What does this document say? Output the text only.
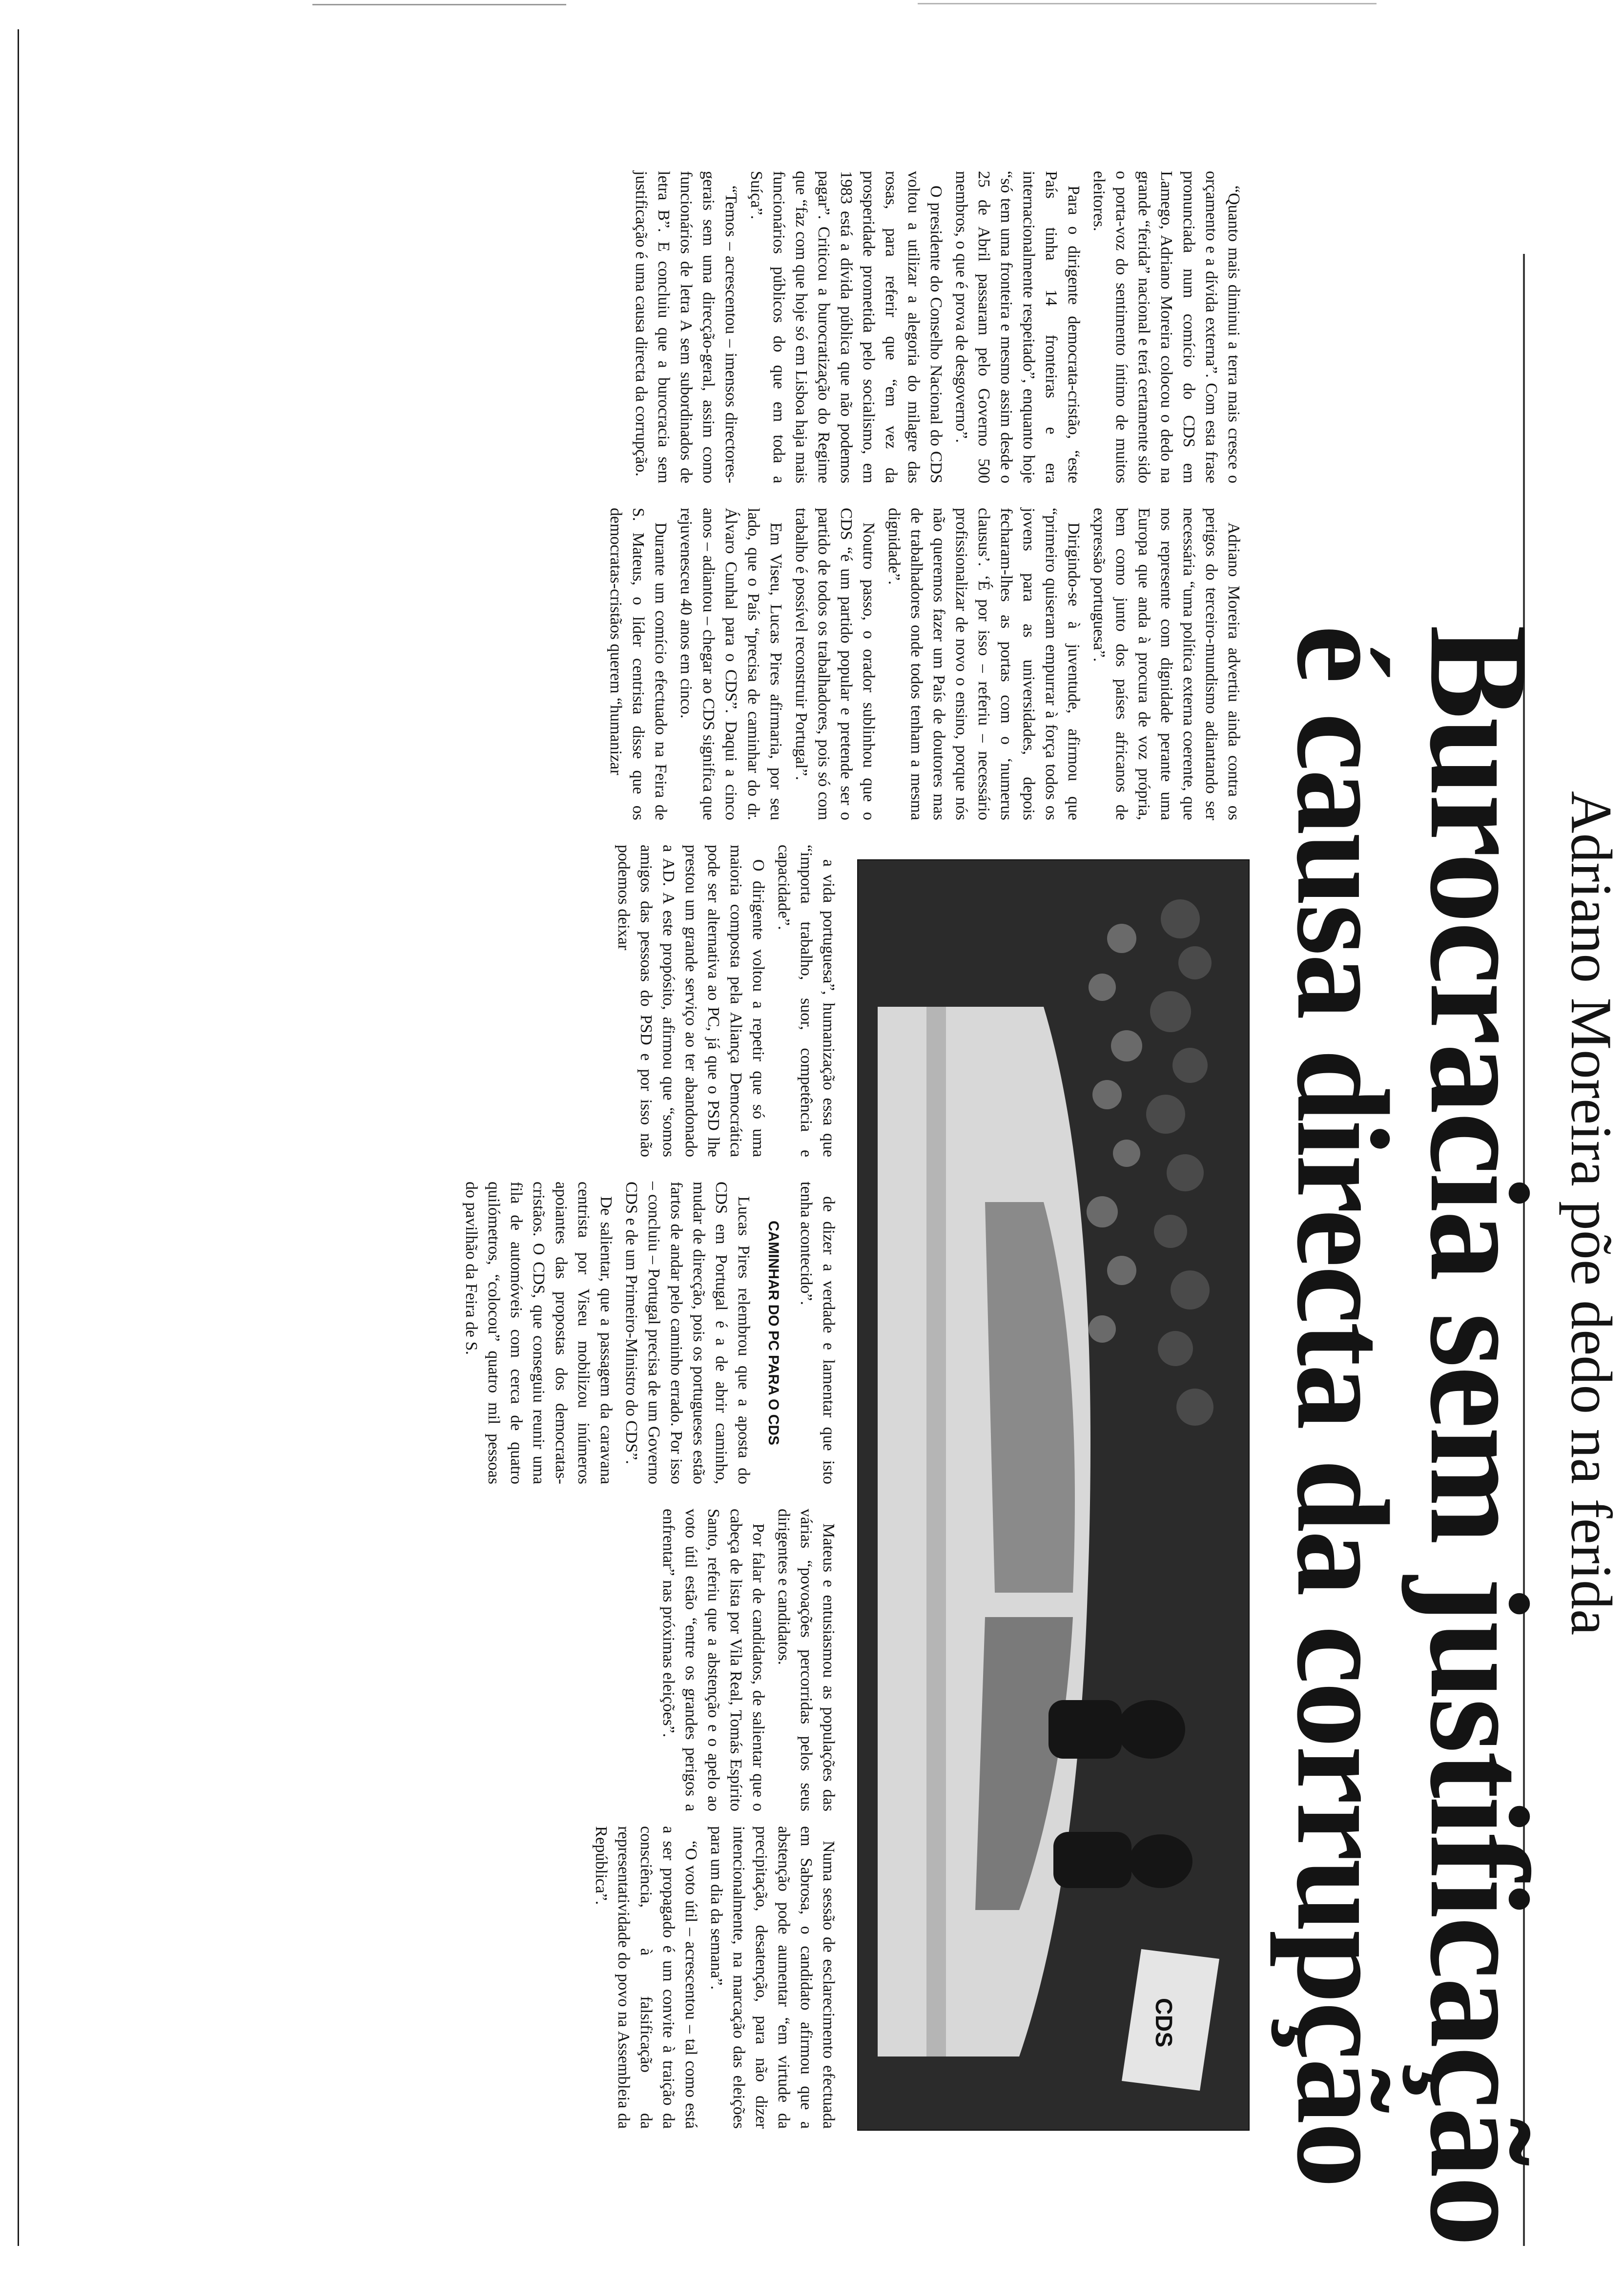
Adriano Moreira põe dedo na ferida
Burocracia sem justificação
é causa directa da corrupção
CDS

“Quanto mais diminui a terra mais cresce o orçamento e a dívida externa”. Com esta frase pronunciada num comício do CDS em Lamego, Adriano Moreira colocou o dedo na grande “ferida” nacional e terá certamente sido o porta-voz do sentimento íntimo de muitos eleitores.

Para o dirigente democrata-cristão, “este País tinha 14 fronteiras e era internacionalmente respeitado”, enquanto hoje “só tem uma fronteira e mesmo assim desde o 25 de Abril passaram pelo Governo 500 membros, o que é prova de desgoverno”.

O presidente do Conselho Nacional do CDS voltou a utilizar a alegoria do milagre das rosas, para referir que “em vez da prosperidade prometida pelo socialismo, em 1983 está a dívida pública que não podemos pagar”. Criticou a burocratização do Regime que “faz com que hoje só em Lisboa haja mais funcionários públicos do que em toda a Suíça”.

“Temos – acrescentou – imensos directores-gerais sem uma direcção-geral, assim como funcionários de letra A sem subordinados de letra B”. E concluiu que a burocracia sem justificação é uma causa directa da corrupção.

Adriano Moreira advertiu ainda contra os perigos do terceiro-mundismo adiantando ser necessária “uma política externa coerente, que nos represente com dignidade perante uma Europa que anda à procura de voz própria, bem como junto dos países africanos de expressão portuguesa”.

Dirigindo-se à juventude, afirmou que “primeiro quiseram empurrar à força todos os jovens para as universidades, depois fecharam-lhes as portas com o ‘numerus clausus’. ‘É por isso – referiu – necessário profissionalizar de novo o ensino, porque nós não queremos fazer um País de doutores mas de trabalhadores onde todos tenham a mesma dignidade”.

Noutro passo, o orador sublinhou que o CDS “é um partido popular e pretende ser o partido de todos os trabalhadores, pois só com trabalho é possível reconstruir Portugal”.

Em Viseu, Lucas Pires afirmaria, por seu lado, que o País “precisa de caminhar do dr. Álvaro Cunhal para o CDS”. Daqui a cinco anos – adiantou – chegar ao CDS significa que rejuvenesceu 40 anos em cinco.

Durante um comício efectuado na Feira de S. Mateus, o líder centrista disse que os democratas-cristãos querem “humanizar

a vida portuguesa”, humanização essa que “importa trabalho, suor, competência e capacidade”.

O dirigente voltou a repetir que só uma maioria composta pela Aliança Democrática pode ser alternativa ao PC, já que o PSD lhe prestou um grande serviço ao ter abandonado a AD. A este propósito, afirmou que “somos amigos das pessoas do PSD e por isso não podemos deixar

de dizer a verdade e lamentar que isto tenha acontecido”.

CAMINHAR DO PC PARA O CDS

Lucas Pires relembrou que a aposta do CDS em Portugal é a de abrir caminho, mudar de direcção, pois os portugueses estão fartos de andar pelo caminho errado. Por isso – concluiu – Portugal precisa de um Governo CDS e de um Primeiro-Ministro do CDS”.

De salientar, que a passagem da caravana centrista por Viseu mobilizou inúmeros apoiantes das propostas dos democratas-cristãos. O CDS, que conseguiu reunir uma fila de automóveis com cerca de quatro quilómetros, “colocou” quatro mil pessoas do pavilhão da Feira de S.

Mateus e entusiasmou as populações das várias “povoações percorridas pelos seus dirigentes e candidatos.

Por falar de candidatos, de salientar que o cabeça de lista por Vila Real, Tomás Espírito Santo, referiu que a abstenção e o apelo ao voto útil estão “entre os grandes perigos a enfrentar” nas próximas eleições”.

Numa sessão de esclarecimento efectuada em Sabrosa, o candidato afirmou que a abstenção pode aumentar “em virtude da precipitação, desatenção, para não dizer intencionalmente, na marcação das eleições para um dia da semana”.

“O voto útil – acrescentou – tal como está a ser propagado é um convite à traição da consciência, à falsificação da representatividade do povo na Assembleia da República”.
